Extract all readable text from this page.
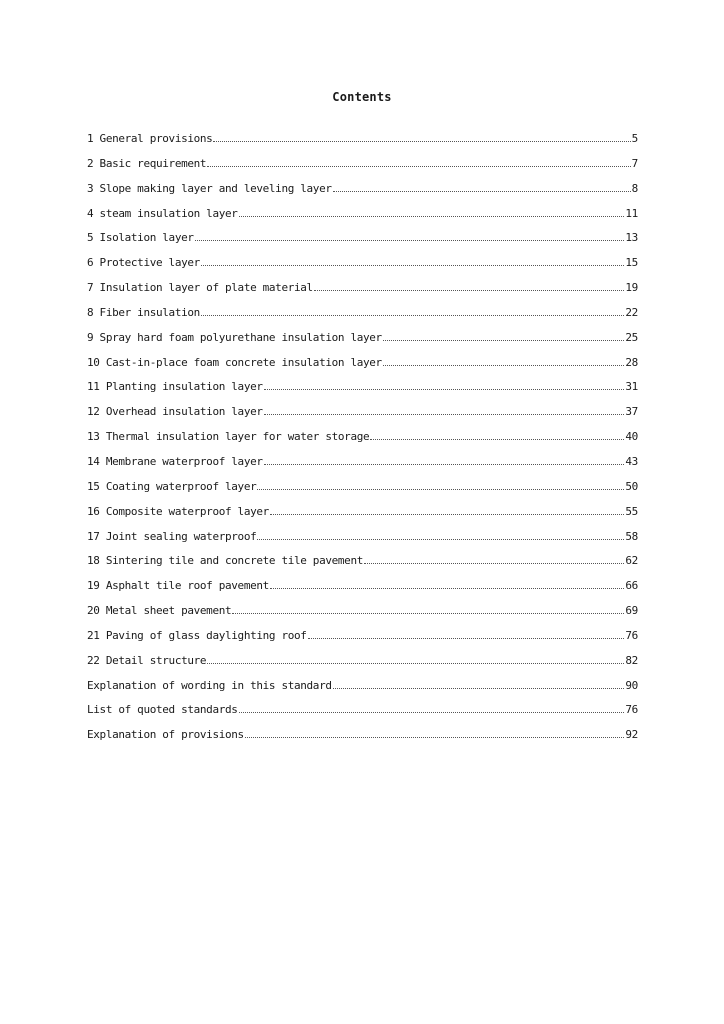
Contents
1 General provisions	5
2 Basic requirement	7
3 Slope making layer and leveling layer	8
4 steam insulation layer	11
5 Isolation layer	13
6 Protective layer	15
7 Insulation layer of plate material	19
8 Fiber insulation	22
9 Spray hard foam polyurethane insulation layer	25
10 Cast-in-place foam concrete insulation layer	28
11 Planting insulation layer	31
12 Overhead insulation layer	37
13 Thermal insulation layer for water storage	40
14 Membrane waterproof layer	43
15 Coating waterproof layer	50
16 Composite waterproof layer	55
17 Joint sealing waterproof	58
18 Sintering tile and concrete tile pavement	62
19 Asphalt tile roof pavement	66
20 Metal sheet pavement	69
21 Paving of glass daylighting roof	76
22 Detail structure	82
Explanation of wording in this standard	90
List of quoted standards	76
Explanation of provisions	92
